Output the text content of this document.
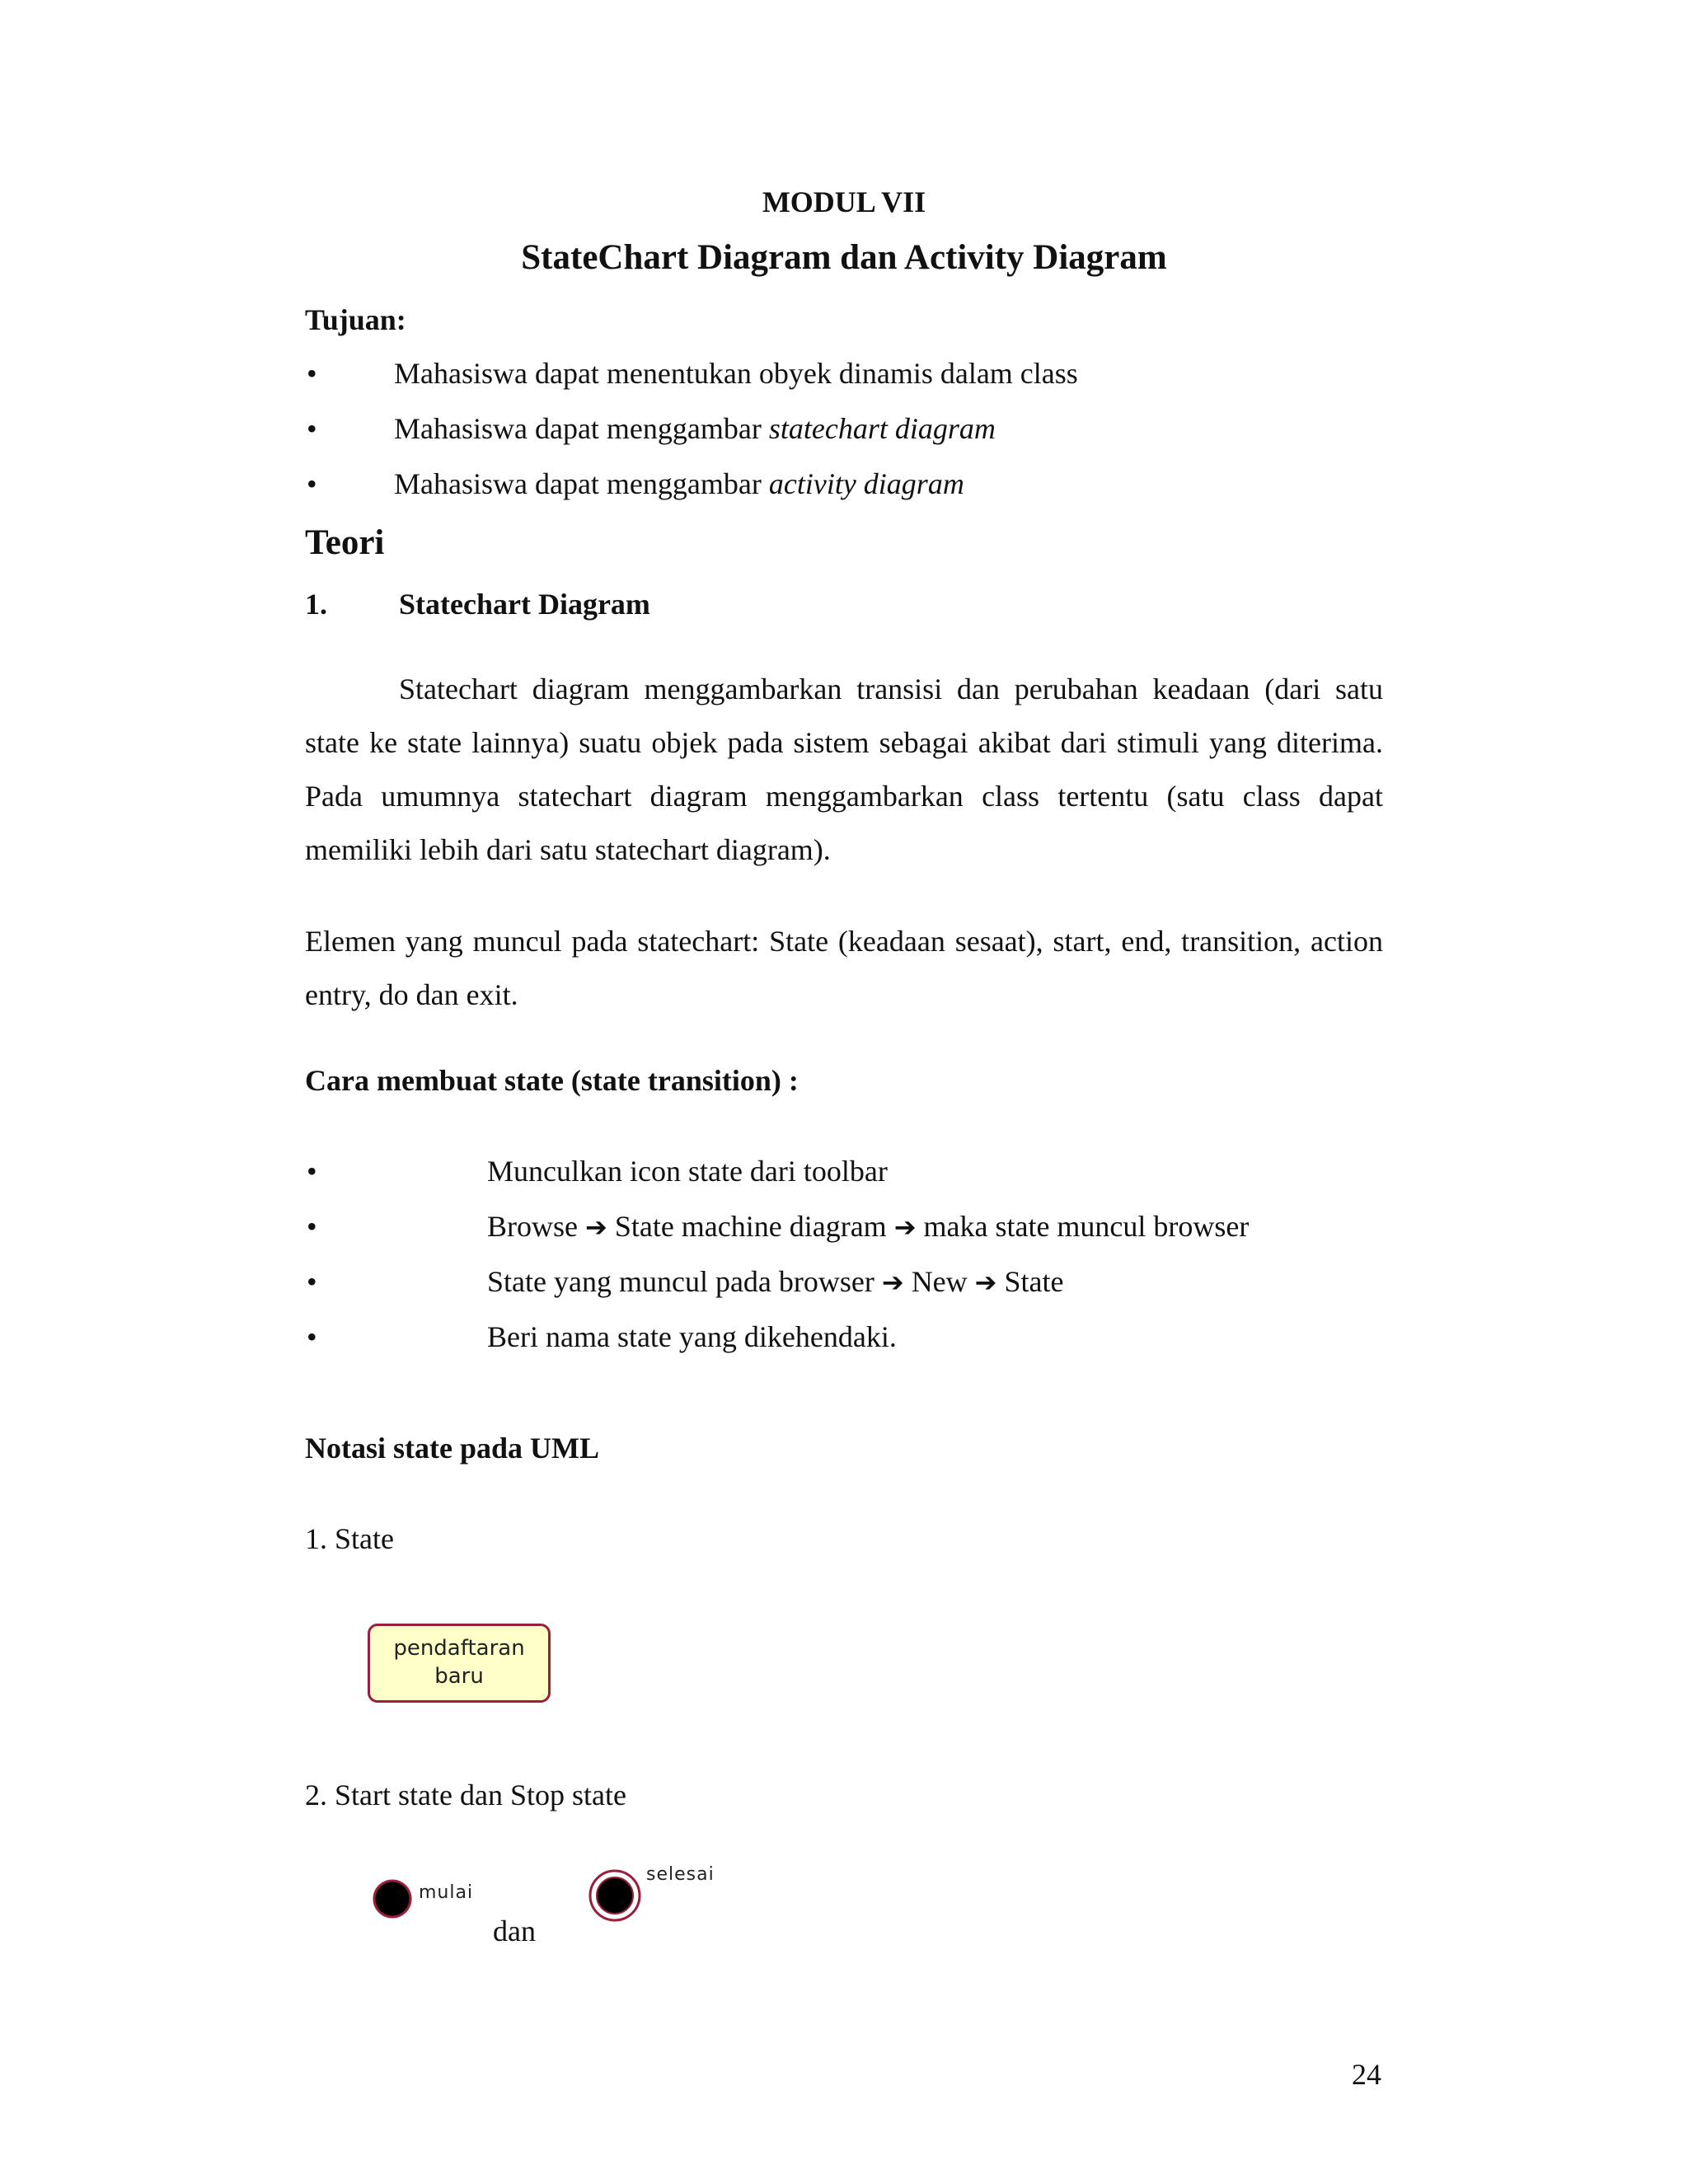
MODUL VII
StateChart Diagram dan Activity Diagram
Tujuan:
•	Mahasiswa dapat menentukan obyek dinamis dalam class
•	Mahasiswa dapat menggambar statechart diagram
•	Mahasiswa dapat menggambar activity diagram
Teori
1. Statechart Diagram
Statechart diagram menggambarkan transisi dan perubahan keadaan (dari satu state ke state lainnya) suatu objek pada sistem sebagai akibat dari stimuli yang diterima. Pada umumnya statechart diagram menggambarkan class tertentu (satu class dapat memiliki lebih dari satu statechart diagram).
Elemen yang muncul pada statechart: State (keadaan sesaat), start, end, transition, action entry, do dan exit.
Cara membuat state (state transition) :
•	Munculkan icon state dari toolbar
•	Browse ➔ State machine diagram ➔ maka state muncul browser
•	State yang muncul pada browser ➔ New ➔ State
•	Beri nama state yang dikehendaki.
Notasi state pada UML
1. State
pendaftaran
baru
2. Start state dan Stop state
mulai
dan
selesai
24
